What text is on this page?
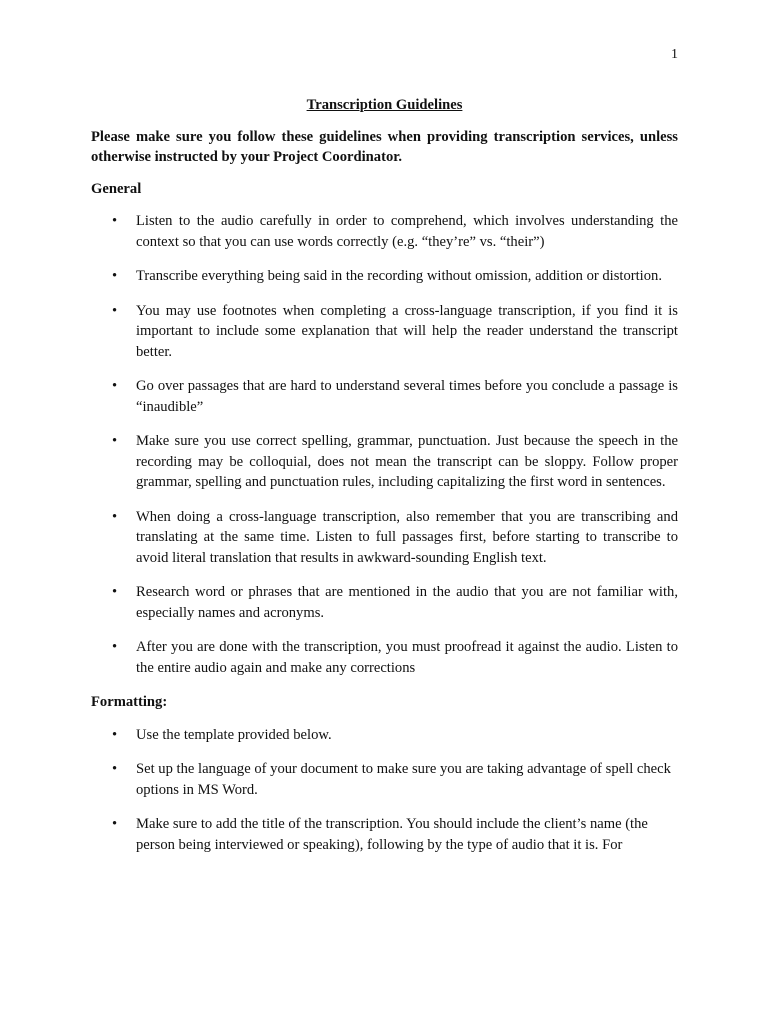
1
Transcription Guidelines
Please make sure you follow these guidelines when providing transcription services, unless otherwise instructed by your Project Coordinator.
General
• Listen to the audio carefully in order to comprehend, which involves understanding the context so that you can use words correctly (e.g. “they’re” vs. “their”)
• Transcribe everything being said in the recording without omission, addition or distortion.
• You may use footnotes when completing a cross-language transcription, if you find it is important to include some explanation that will help the reader understand the transcript better.
• Go over passages that are hard to understand several times before you conclude a passage is “inaudible”
• Make sure you use correct spelling, grammar, punctuation. Just because the speech in the recording may be colloquial, does not mean the transcript can be sloppy. Follow proper grammar, spelling and punctuation rules, including capitalizing the first word in sentences.
• When doing a cross-language transcription, also remember that you are transcribing and translating at the same time. Listen to full passages first, before starting to transcribe to avoid literal translation that results in awkward-sounding English text.
• Research word or phrases that are mentioned in the audio that you are not familiar with, especially names and acronyms.
• After you are done with the transcription, you must proofread it against the audio. Listen to the entire audio again and make any corrections
Formatting:
• Use the template provided below.
• Set up the language of your document to make sure you are taking advantage of spell check options in MS Word.
• Make sure to add the title of the transcription. You should include the client’s name (the person being interviewed or speaking), following by the type of audio that it is. For
